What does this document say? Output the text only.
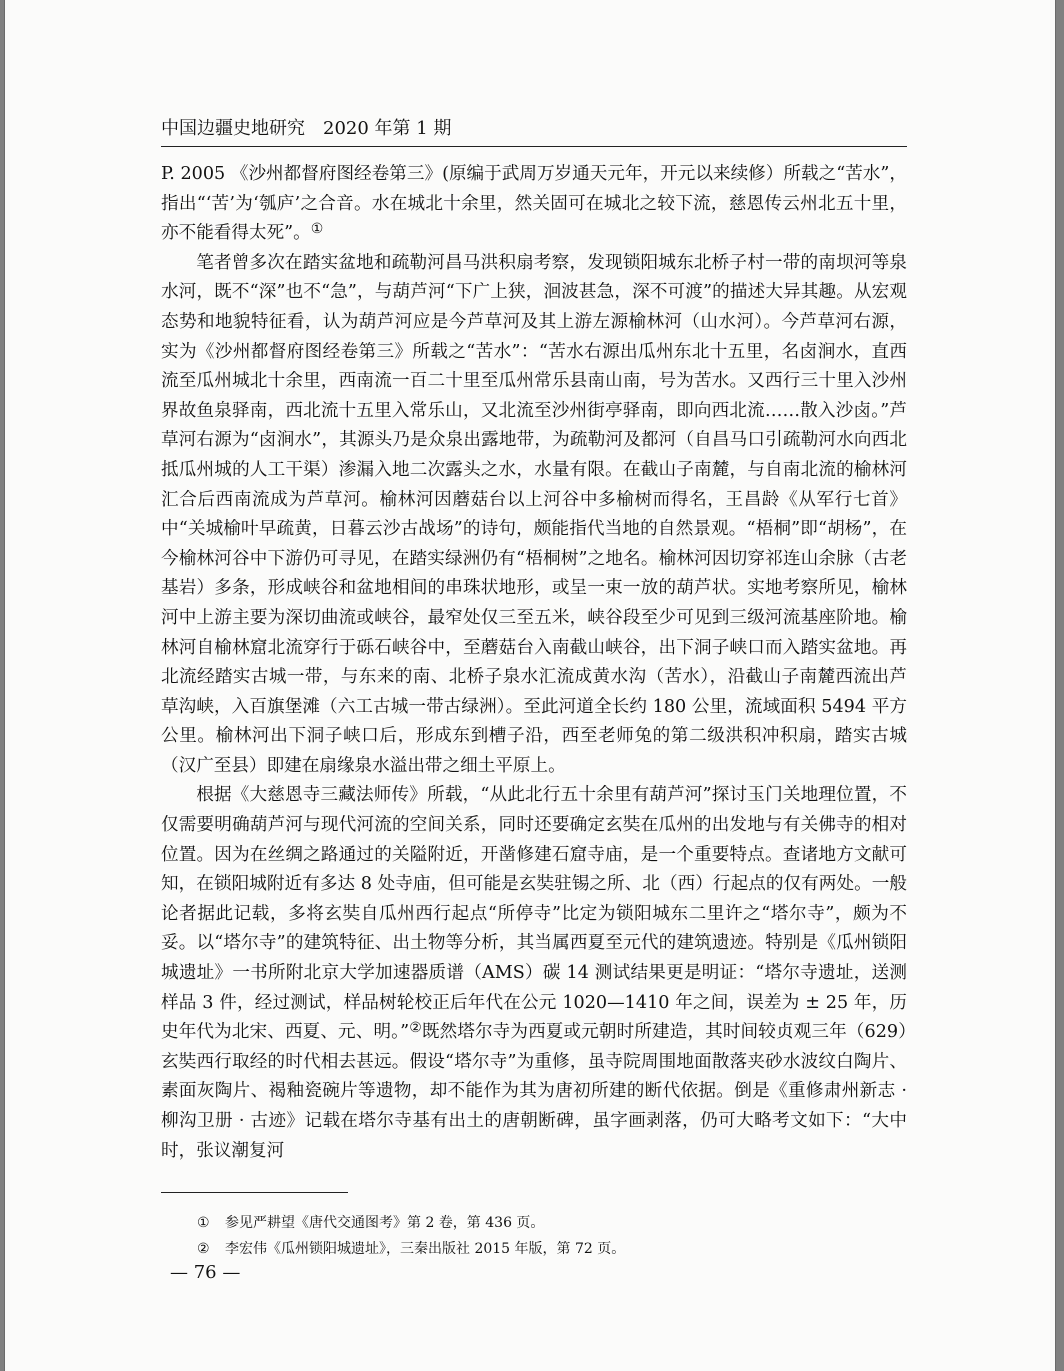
中国边疆史地研究　2020 年第 1 期

P. 2005 《沙州都督府图经卷第三》(原编于武周万岁通天元年，开元以来续修）所载之“苦水”，指出“‘苦’为‘瓠庐’之合音。水在城北十余里，然关固可在城北之较下流，慈恩传云州北五十里，亦不能看得太死”。①

笔者曾多次在踏实盆地和疏勒河昌马洪积扇考察，发现锁阳城东北桥子村一带的南坝河等泉水河，既不“深”也不“急”，与葫芦河“下广上狭，洄波甚急，深不可渡”的描述大异其趣。从宏观态势和地貌特征看，认为葫芦河应是今芦草河及其上游左源榆林河（山水河）。今芦草河右源，实为《沙州都督府图经卷第三》所载之“苦水”：“苦水右源出瓜州东北十五里，名卤涧水，直西流至瓜州城北十余里，西南流一百二十里至瓜州常乐县南山南，号为苦水。又西行三十里入沙州界故鱼泉驿南，西北流十五里入常乐山，又北流至沙州街亭驿南，即向西北流……散入沙卤。”芦草河右源为“卤涧水”，其源头乃是众泉出露地带，为疏勒河及都河（自昌马口引疏勒河水向西北抵瓜州城的人工干渠）渗漏入地二次露头之水，水量有限。在截山子南麓，与自南北流的榆林河汇合后西南流成为芦草河。榆林河因蘑菇台以上河谷中多榆树而得名，王昌龄《从军行七首》中“关城榆叶早疏黄，日暮云沙古战场”的诗句，颇能指代当地的自然景观。“梧桐”即“胡杨”，在今榆林河谷中下游仍可寻见，在踏实绿洲仍有“梧桐树”之地名。榆林河因切穿祁连山余脉（古老基岩）多条，形成峡谷和盆地相间的串珠状地形，或呈一束一放的葫芦状。实地考察所见，榆林河中上游主要为深切曲流或峡谷，最窄处仅三至五米，峡谷段至少可见到三级河流基座阶地。榆林河自榆林窟北流穿行于砾石峡谷中，至蘑菇台入南截山峡谷，出下洞子峡口而入踏实盆地。再北流经踏实古城一带，与东来的南、北桥子泉水汇流成黄水沟（苦水），沿截山子南麓西流出芦草沟峡，入百旗堡滩（六工古城一带古绿洲）。至此河道全长约 180 公里，流域面积 5494 平方公里。榆林河出下洞子峡口后，形成东到槽子沿，西至老师兔的第二级洪积冲积扇，踏实古城（汉广至县）即建在扇缘泉水溢出带之细土平原上。

根据《大慈恩寺三藏法师传》所载，“从此北行五十余里有葫芦河”探讨玉门关地理位置，不仅需要明确葫芦河与现代河流的空间关系，同时还要确定玄奘在瓜州的出发地与有关佛寺的相对位置。因为在丝绸之路通过的关隘附近，开凿修建石窟寺庙，是一个重要特点。查诸地方文献可知，在锁阳城附近有多达 8 处寺庙，但可能是玄奘驻锡之所、北（西）行起点的仅有两处。一般论者据此记载，多将玄奘自瓜州西行起点“所停寺”比定为锁阳城东二里许之“塔尔寺”，颇为不妥。以“塔尔寺”的建筑特征、出土物等分析，其当属西夏至元代的建筑遗迹。特别是《瓜州锁阳城遗址》一书所附北京大学加速器质谱（AMS）碳 14 测试结果更是明证：“塔尔寺遗址，送测样品 3 件，经过测试，样品树轮校正后年代在公元 1020—1410 年之间，误差为 ± 25 年，历史年代为北宋、西夏、元、明。”②既然塔尔寺为西夏或元朝时所建造，其时间较贞观三年（629）玄奘西行取经的时代相去甚远。假设“塔尔寺”为重修，虽寺院周围地面散落夹砂水波纹白陶片、素面灰陶片、褐釉瓷碗片等遗物，却不能作为其为唐初所建的断代依据。倒是《重修肃州新志 · 柳沟卫册 · 古迹》记载在塔尔寺基有出土的唐朝断碑，虽字画剥落，仍可大略考文如下：“大中时，张议潮复河

① 参见严耕望《唐代交通图考》第 2 卷，第 436 页。
② 李宏伟《瓜州锁阳城遗址》，三秦出版社 2015 年版，第 72 页。
— 76 —
